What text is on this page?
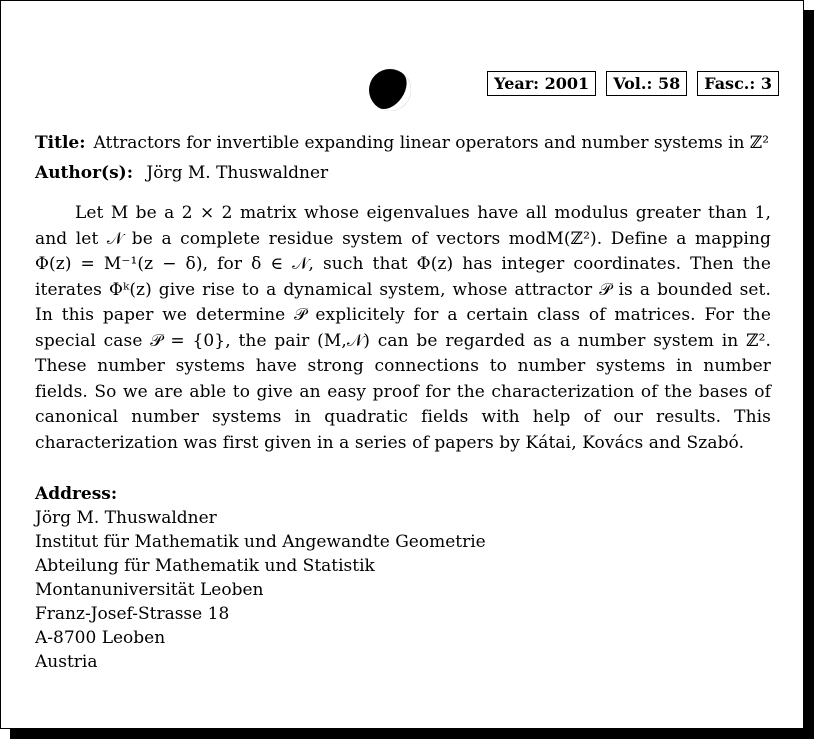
Year: 2001	Vol.: 58	Fasc.: 3
Title: Attractors for invertible expanding linear operators and number systems in ℤ²
Author(s): Jörg M. Thuswaldner
Let M be a 2 × 2 matrix whose eigenvalues have all modulus greater than 1, and let 𝒩 be a complete residue system of vectors modM(ℤ²). Define a mapping Φ(z) = M⁻¹(z − δ), for δ ∈ 𝒩, such that Φ(z) has integer coordinates. Then the iterates Φᵏ(z) give rise to a dynamical system, whose attractor 𝒫 is a bounded set. In this paper we determine 𝒫 explicitely for a certain class of matrices. For the special case 𝒫 = {0}, the pair (M,𝒩) can be regarded as a number system in ℤ². These number systems have strong connections to number systems in number fields. So we are able to give an easy proof for the characterization of the bases of canonical number systems in quadratic fields with help of our results. This characterization was first given in a series of papers by Kátai, Kovács and Szabó.
Address:
Jörg M. Thuswaldner
Institut für Mathematik und Angewandte Geometrie
Abteilung für Mathematik und Statistik
Montanuniversität Leoben
Franz-Josef-Strasse 18
A-8700 Leoben
Austria
